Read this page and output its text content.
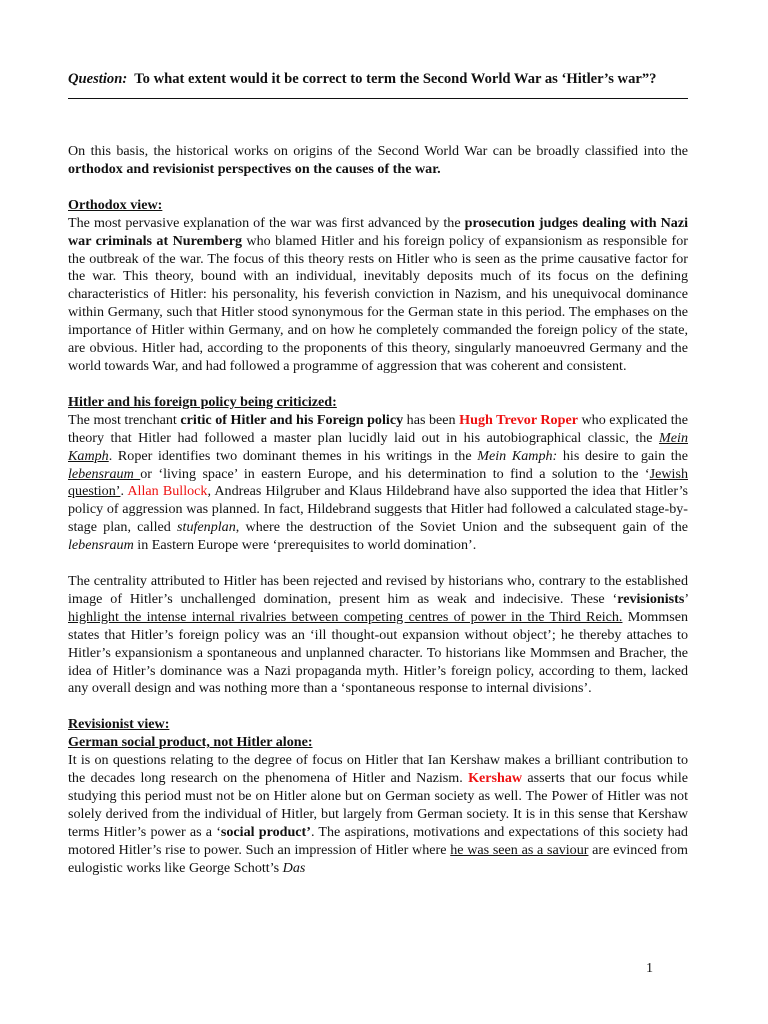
Question: To what extent would it be correct to term the Second World War as ‘Hitler’s war”?

On this basis, the historical works on origins of the Second World War can be broadly classified into the orthodox and revisionist perspectives on the causes of the war.

Orthodox view:
The most pervasive explanation of the war was first advanced by the prosecution judges dealing with Nazi war criminals at Nuremberg who blamed Hitler and his foreign policy of expansionism as responsible for the outbreak of the war. The focus of this theory rests on Hitler who is seen as the prime causative factor for the war. This theory, bound with an individual, inevitably deposits much of its focus on the defining characteristics of Hitler: his personality, his feverish conviction in Nazism, and his unequivocal dominance within Germany, such that Hitler stood synonymous for the German state in this period. The emphases on the importance of Hitler within Germany, and on how he completely commanded the foreign policy of the state, are obvious. Hitler had, according to the proponents of this theory, singularly manoeuvred Germany and the world towards War, and had followed a programme of aggression that was coherent and consistent.

Hitler and his foreign policy being criticized:
The most trenchant critic of Hitler and his Foreign policy has been Hugh Trevor Roper who explicated the theory that Hitler had followed a master plan lucidly laid out in his autobiographical classic, the Mein Kamph. Roper identifies two dominant themes in his writings in the Mein Kamph: his desire to gain the lebensraum or ‘living space’ in eastern Europe, and his determination to find a solution to the ‘Jewish question’. Allan Bullock, Andreas Hilgruber and Klaus Hildebrand have also supported the idea that Hitler’s policy of aggression was planned. In fact, Hildebrand suggests that Hitler had followed a calculated stage-by-stage plan, called stufenplan, where the destruction of the Soviet Union and the subsequent gain of the lebensraum in Eastern Europe were ‘prerequisites to world domination’.

The centrality attributed to Hitler has been rejected and revised by historians who, contrary to the established image of Hitler’s unchallenged domination, present him as weak and indecisive. These ‘revisionists’ highlight the intense internal rivalries between competing centres of power in the Third Reich. Mommsen states that Hitler’s foreign policy was an ‘ill thought-out expansion without object’; he thereby attaches to Hitler’s expansionism a spontaneous and unplanned character. To historians like Mommsen and Bracher, the idea of Hitler’s dominance was a Nazi propaganda myth. Hitler’s foreign policy, according to them, lacked any overall design and was nothing more than a ‘spontaneous response to internal divisions’.

Revisionist view:
German social product, not Hitler alone:
It is on questions relating to the degree of focus on Hitler that Ian Kershaw makes a brilliant contribution to the decades long research on the phenomena of Hitler and Nazism. Kershaw asserts that our focus while studying this period must not be on Hitler alone but on German society as well. The Power of Hitler was not solely derived from the individual of Hitler, but largely from German society. It is in this sense that Kershaw terms Hitler’s power as a ‘social product’. The aspirations, motivations and expectations of this society had motored Hitler’s rise to power. Such an impression of Hitler where he was seen as a saviour are evinced from eulogistic works like George Schott’s Das

1
